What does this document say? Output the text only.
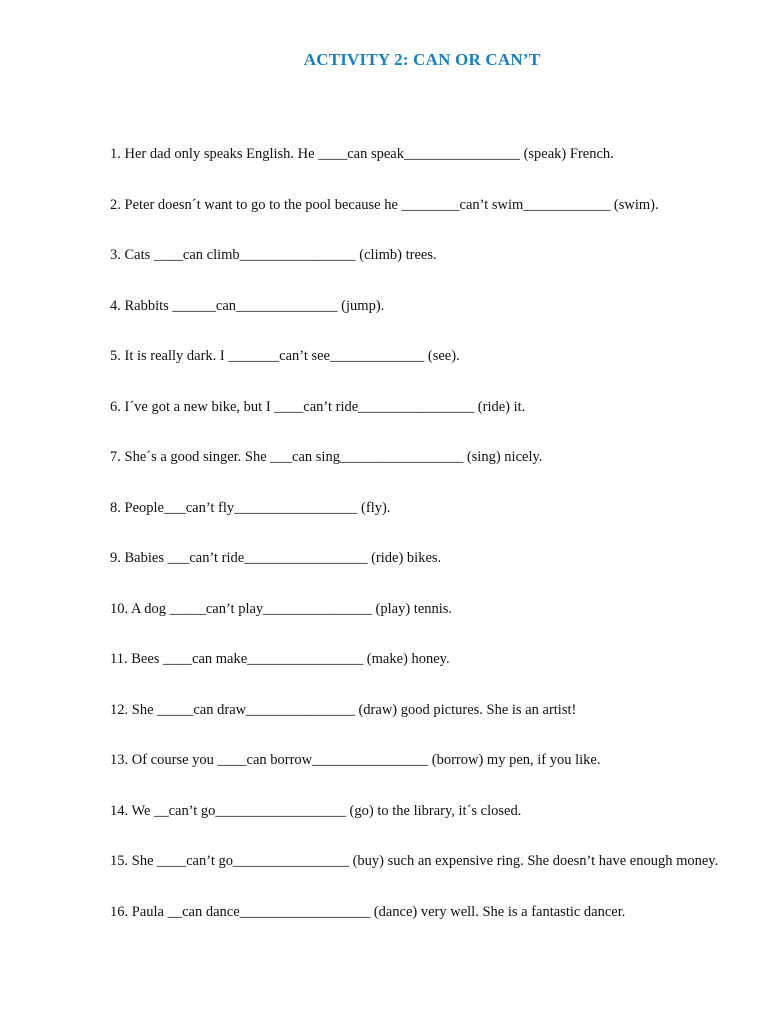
ACTIVITY 2: CAN OR CAN’T
1. Her dad only speaks English. He ____can speak________________ (speak) French.
2. Peter doesn´t want to go to the pool because he ________can’t swim____________ (swim).
3. Cats ____can climb________________ (climb) trees.
4. Rabbits ______can______________ (jump).
5. It is really dark. I _______can’t see_____________ (see).
6. I´ve got a new bike, but I ____can’t ride________________ (ride) it.
7. She´s a good singer. She ___can sing_________________ (sing) nicely.
8. People___can’t fly_________________ (fly).
9. Babies ___can’t ride_________________ (ride) bikes.
10. A dog _____can’t play_______________ (play) tennis.
11. Bees ____can make________________ (make) honey.
12. She _____can draw_______________ (draw) good pictures. She is an artist!
13. Of course you ____can borrow________________ (borrow) my pen, if you like.
14. We __can’t go__________________ (go) to the library, it´s closed.
15. She ____can’t go________________ (buy) such an expensive ring. She doesn’t have enough money.
16. Paula __can dance__________________ (dance) very well. She is a fantastic dancer.
